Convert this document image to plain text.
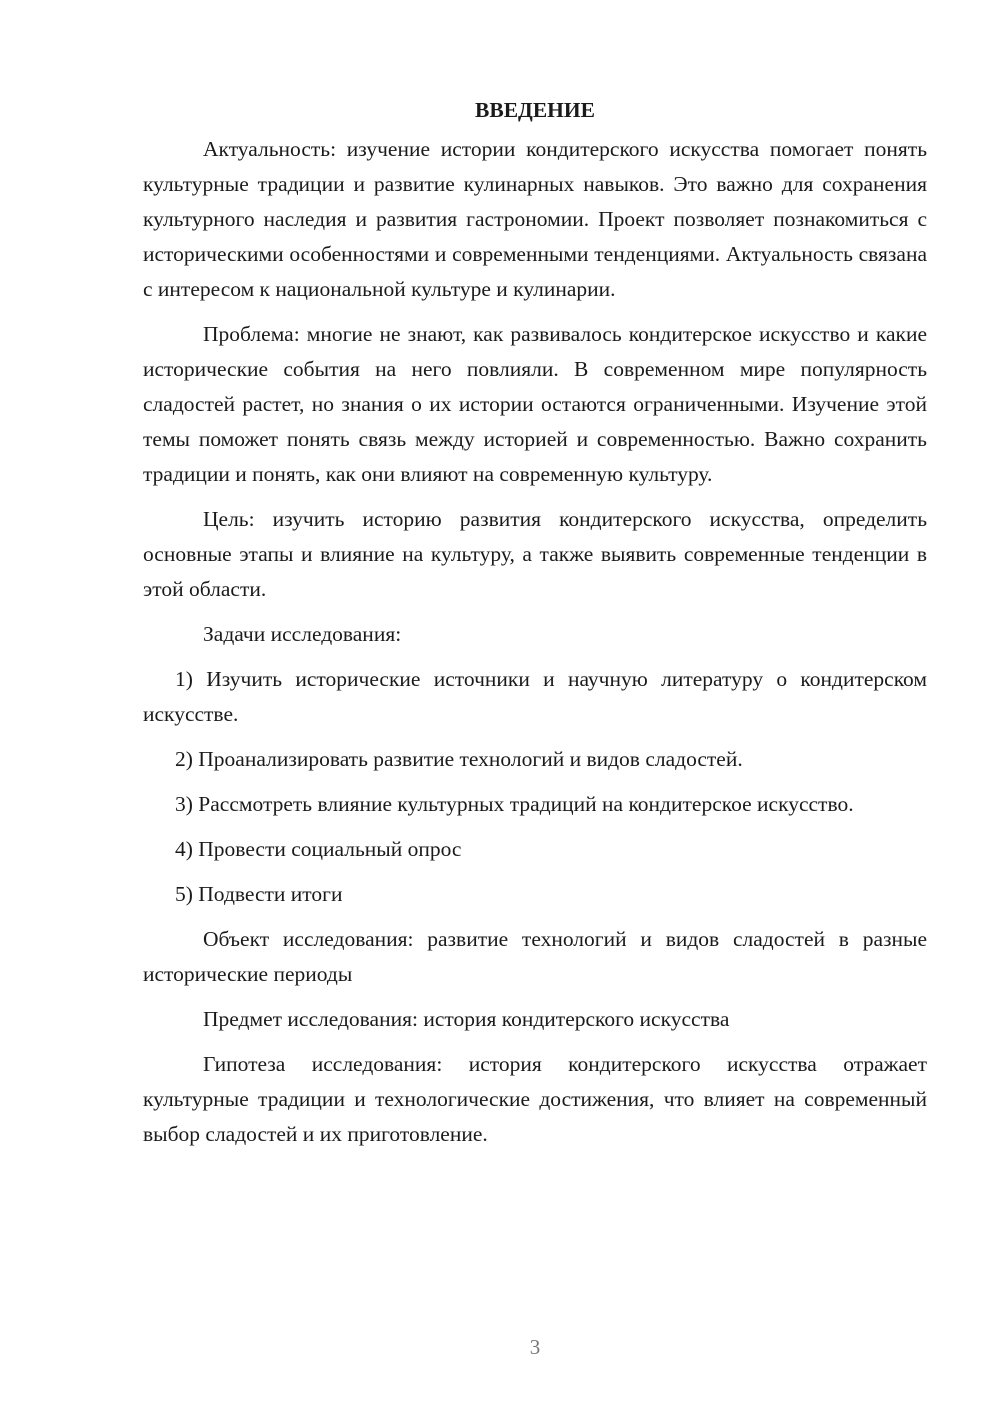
ВВЕДЕНИЕ

Актуальность: изучение истории кондитерского искусства помогает понять культурные традиции и развитие кулинарных навыков. Это важно для сохранения культурного наследия и развития гастрономии. Проект позволяет познакомиться с историческими особенностями и современными тенденциями. Актуальность связана с интересом к национальной культуре и кулинарии.

Проблема: многие не знают, как развивалось кондитерское искусство и какие исторические события на него повлияли. В современном мире популярность сладостей растет, но знания о их истории остаются ограниченными. Изучение этой темы поможет понять связь между историей и современностью. Важно сохранить традиции и понять, как они влияют на современную культуру.

Цель: изучить историю развития кондитерского искусства, определить основные этапы и влияние на культуру, а также выявить современные тенденции в этой области.

Задачи исследования:

1) Изучить исторические источники и научную литературу о кондитерском искусстве.

2) Проанализировать развитие технологий и видов сладостей.

3) Рассмотреть влияние культурных традиций на кондитерское искусство.

4) Провести социальный опрос

5) Подвести итоги

Объект исследования: развитие технологий и видов сладостей в разные исторические периоды

Предмет исследования: история кондитерского искусства

Гипотеза исследования: история кондитерского искусства отражает культурные традиции и технологические достижения, что влияет на современный выбор сладостей и их приготовление.

3
